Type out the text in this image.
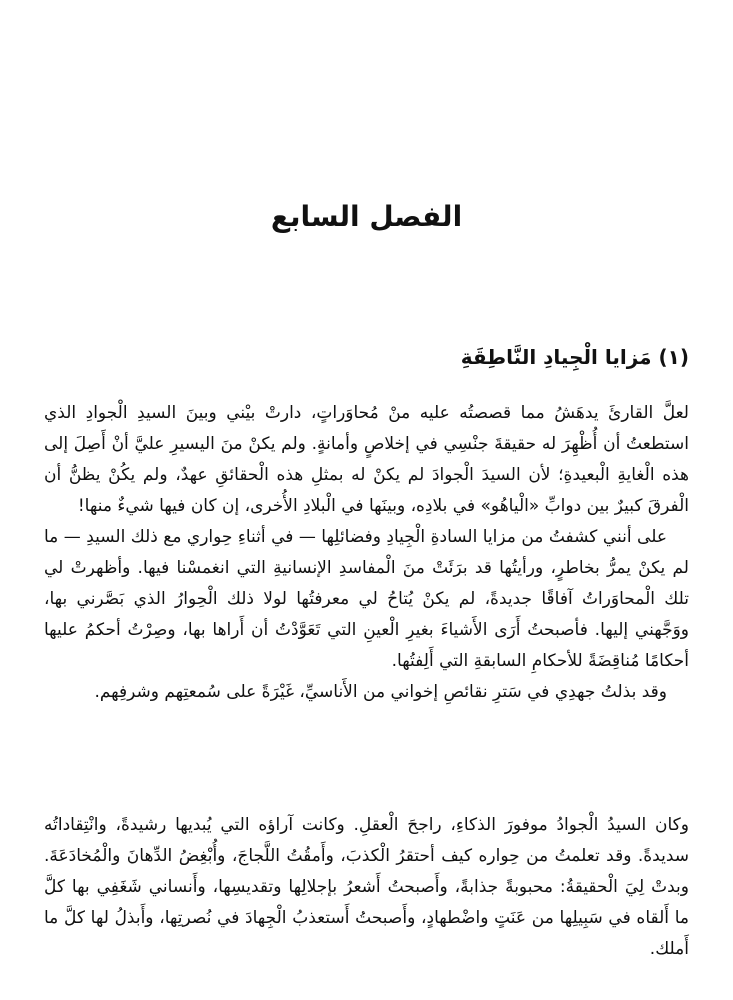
الفصل السابع
(١) مَزايا الْجِيادِ النَّاطِقَةِ

لعلَّ القارئَ يدهَشُ مما قصصتُه عليه منْ مُحاوَراتٍ، دارتْ بيْني وبينَ السيدِ الْجوادِ الذي استطعتُ أن أُظْهِرَ له حقيقةَ جنْسِي في إخلاصٍ وأمانةٍ. ولم يكنْ منَ اليسيرِ عليَّ أنْ أَصِلَ إلى هذه الْغايةِ الْبعيدةِ؛ لأن السيدَ الْجوادَ لم يكنْ له بمثلِ هذه الْحقائقِ عهدٌ، ولم يكُنْ يظنُّ أن الْفرقَ كبيرٌ بين دوابِّ «الْياهُو» في بلادِه، وبينَها في الْبلادِ الأُخرى، إن كان فيها شيءٌ منها!

على أنني كشفتُ من مزايا السادةِ الْجِيادِ وفضائلِها — في أثناءِ حِواري مع ذلك السيدِ — ما لم يكنْ يمرُّ بخاطرٍ، ورأيتُها قد برَئَتْ منَ الْمفاسدِ الإنسانيةِ التي انغمسْنا فيها. وأظهرتْ لي تلك الْمحاوَراتُ آفاقًا جديدةً، لم يكنْ يُتاحُ لي معرفتُها لولا ذلك الْحِوارُ الذي بَصَّرني بها، ووَجَّهني إليها. فأصبحتُ أَرَى الأَشياءَ بغيرِ الْعينِ التي تَعَوَّدْتُ أن أَراها بها، وصِرْتُ أحكمُ عليها أحكامًا مُناقِضَةً للأحكامِ السابقةِ التي أَلِفتُها.

وقد بذلتُ جهدِي في سَترِ نقائصِ إخواني من الأَناسيِّ، غَيْرَةً على سُمعتِهم وشرفِهم.

وكان السيدُ الْجوادُ موفورَ الذكاءِ، راجحَ الْعقلِ. وكانت آراؤه التي يُبديها رشيدةً، وانْتِقاداتُه سديدةً. وقد تعلمتُ من حِواره كيف أحتقرُ الْكذبَ، وأَمقُتُ اللَّجاجَ، وأُبْغِضُ الدِّهانَ والْمُخادَعَةَ. وبدتْ لِيَ الْحقيقةُ: محبوبةً جذابةً، وأَصبحتُ أَشعرُ بإجلالِها وتقديسِها، وأَنساني شَغَفِي بها كلَّ ما أَلقاه في سَبِيلِها من عَنَتٍ واضْطهادٍ، وأَصبحتُ أَستعذبُ الْجِهادَ في نُصرتِها، وأَبذلُ لها كلَّ ما أَملك.
